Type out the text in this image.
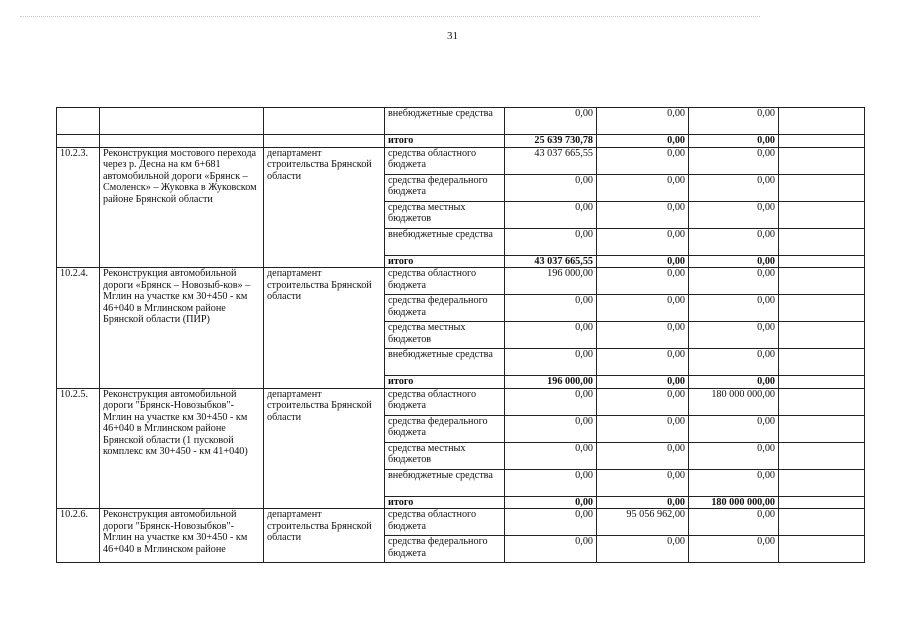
31
			внебюджетные средства	0,00	0,00	0,00	
			итого	25 639 730,78	0,00	0,00	
10.2.3.	Реконструкция мостового перехода через р. Десна на км 6+681 автомобильной дороги «Брянск – Смоленск» – Жуковка в Жуковском районе Брянской области	департамент строительства Брянской области	средства областного бюджета	43 037 665,55	0,00	0,00	
			средства федерального бюджета	0,00	0,00	0,00	
			средства местных бюджетов	0,00	0,00	0,00	
			внебюджетные средства	0,00	0,00	0,00	
			итого	43 037 665,55	0,00	0,00	
10.2.4.	Реконструкция автомобильной дороги «Брянск – Новозыб-ков» – Мглин на участке км 30+450 - км 46+040 в Мглинском районе Брянской области (ПИР)	департамент строительства Брянской области	средства областного бюджета	196 000,00	0,00	0,00	
			средства федерального бюджета	0,00	0,00	0,00	
			средства местных бюджетов	0,00	0,00	0,00	
			внебюджетные средства	0,00	0,00	0,00	
			итого	196 000,00	0,00	0,00	
10.2.5.	Реконструкция автомобильной дороги "Брянск-Новозыбков"-Мглин на участке км 30+450 - км 46+040 в Мглинском районе Брянской области (1 пусковой комплекс км 30+450 - км 41+040)	департамент строительства Брянской области	средства областного бюджета	0,00	0,00	180 000 000,00	
			средства федерального бюджета	0,00	0,00	0,00	
			средства местных бюджетов	0,00	0,00	0,00	
			внебюджетные средства	0,00	0,00	0,00	
			итого	0,00	0,00	180 000 000,00	
10.2.6.	Реконструкция автомобильной дороги "Брянск-Новозыбков"-Мглин на участке км 30+450 - км 46+040 в Мглинском районе	департамент строительства Брянской области	средства областного бюджета	0,00	95 056 962,00	0,00	
			средства федерального бюджета	0,00	0,00	0,00	
